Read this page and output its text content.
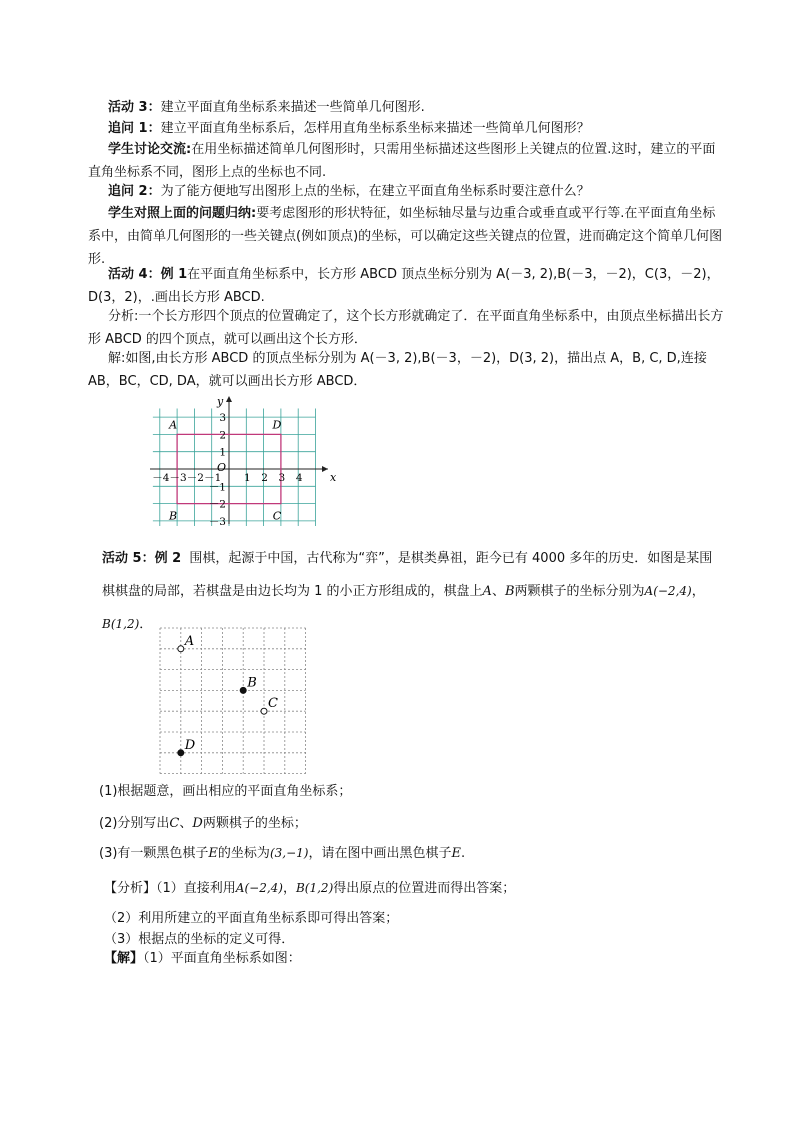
活动 3：建立平面直角坐标系来描述一些简单几何图形.
追问 1：建立平面直角坐标系后，怎样用直角坐标系坐标来描述一些简单几何图形？
学生讨论交流:在用坐标描述简单几何图形时，只需用坐标描述这些图形上关键点的位置.这时，建立的平面直角坐标系不同，图形上点的坐标也不同.
追问 2：为了能方便地写出图形上点的坐标，在建立平面直角坐标系时要注意什么？
学生对照上面的问题归纳:要考虑图形的形状特征，如坐标轴尽量与边重合或垂直或平行等.在平面直角坐标系中，由简单几何图形的一些关键点(例如顶点)的坐标，可以确定这些关键点的位置，进而确定这个简单几何图形.
活动 4：例 1在平面直角坐标系中，长方形 ABCD 顶点坐标分别为 A(－3, 2),B(－3，－2)，C(3，－2)，D(3，2)，.画出长方形 ABCD.
分析:一个长方形四个顶点的位置确定了，这个长方形就确定了．在平面直角坐标系中，由顶点坐标描出长方形 ABCD 的四个顶点，就可以画出这个长方形．
解:如图,由长方形 ABCD 的顶点坐标分别为 A(－3, 2),B(－3，－2)，D(3, 2)，描出点 A，B, C, D,连接 AB，BC，CD, DA，就可以画出长方形 ABCD．
－4 －3 －2 －1 1 2 3 4
3
2
1
－1
－2
－3
O
x
y
A
B	C
D
活动 5：例 2 围棋，起源于中国，古代称为“弈”，是棋类鼻祖，距今已有 4000 多年的历史．如图是某围棋棋盘的局部，若棋盘是由边长均为 1 的小正方形组成的，棋盘上A、B两颗棋子的坐标分别为A(−2,4)，
B(1,2)．
A
B
C
D
(1)根据题意，画出相应的平面直角坐标系；
(2)分别写出C、D两颗棋子的坐标；
(3)有一颗黑色棋子E的坐标为(3,−1)，请在图中画出黑色棋子E.
【分析】（1）直接利用A(−2,4)，B(1,2)得出原点的位置进而得出答案；
（2）利用所建立的平面直角坐标系即可得出答案；
（3）根据点的坐标的定义可得．
【解】（1）平面直角坐标系如图：
